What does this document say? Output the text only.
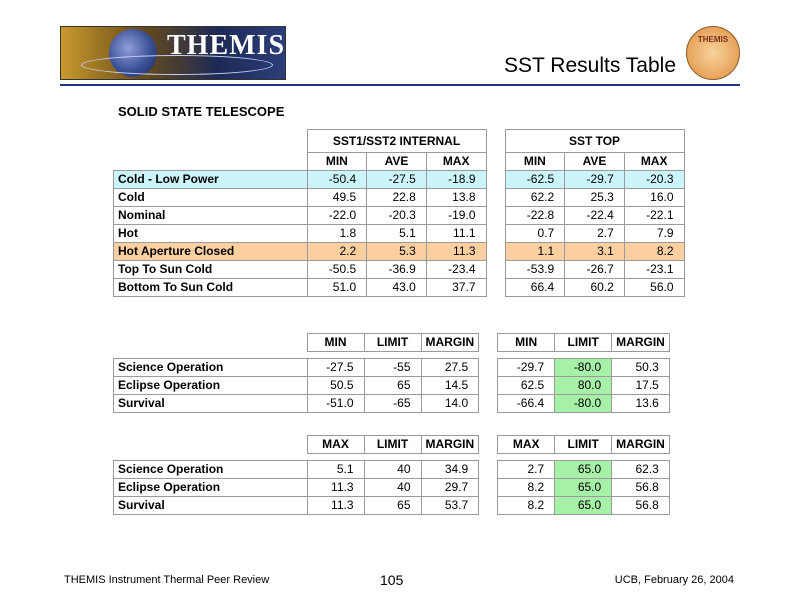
THEMIS
SST Results Table
THEMIS
SOLID STATE TELESCOPE
	SST1/SST2 INTERNAL				SST TOP		
	MIN	AVE	MAX		MIN	AVE	MAX
Cold - Low Power	-50.4	-27.5	-18.9		-62.5	-29.7	-20.3
Cold	49.5	22.8	13.8		62.2	25.3	16.0
Nominal	-22.0	-20.3	-19.0		-22.8	-22.4	-22.1
Hot	1.8	5.1	11.1		0.7	2.7	7.9
Hot Aperture Closed	2.2	5.3	11.3		1.1	3.1	8.2
Top To Sun Cold	-50.5	-36.9	-23.4		-53.9	-26.7	-23.1
Bottom To Sun Cold	51.0	43.0	37.7		66.4	60.2	56.0
	MIN	LIMIT	MARGIN		MIN	LIMIT	MARGIN

Science Operation	-27.5	-55	27.5		-29.7	-80.0	50.3
Eclipse Operation	50.5	65	14.5		62.5	80.0	17.5
Survival	-51.0	-65	14.0		-66.4	-80.0	13.6
	MAX	LIMIT	MARGIN		MAX	LIMIT	MARGIN

Science Operation	5.1	40	34.9		2.7	65.0	62.3
Eclipse Operation	11.3	40	29.7		8.2	65.0	56.8
Survival	11.3	65	53.7		8.2	65.0	56.8
THEMIS Instrument Thermal Peer Review	105	UCB, February 26, 2004
